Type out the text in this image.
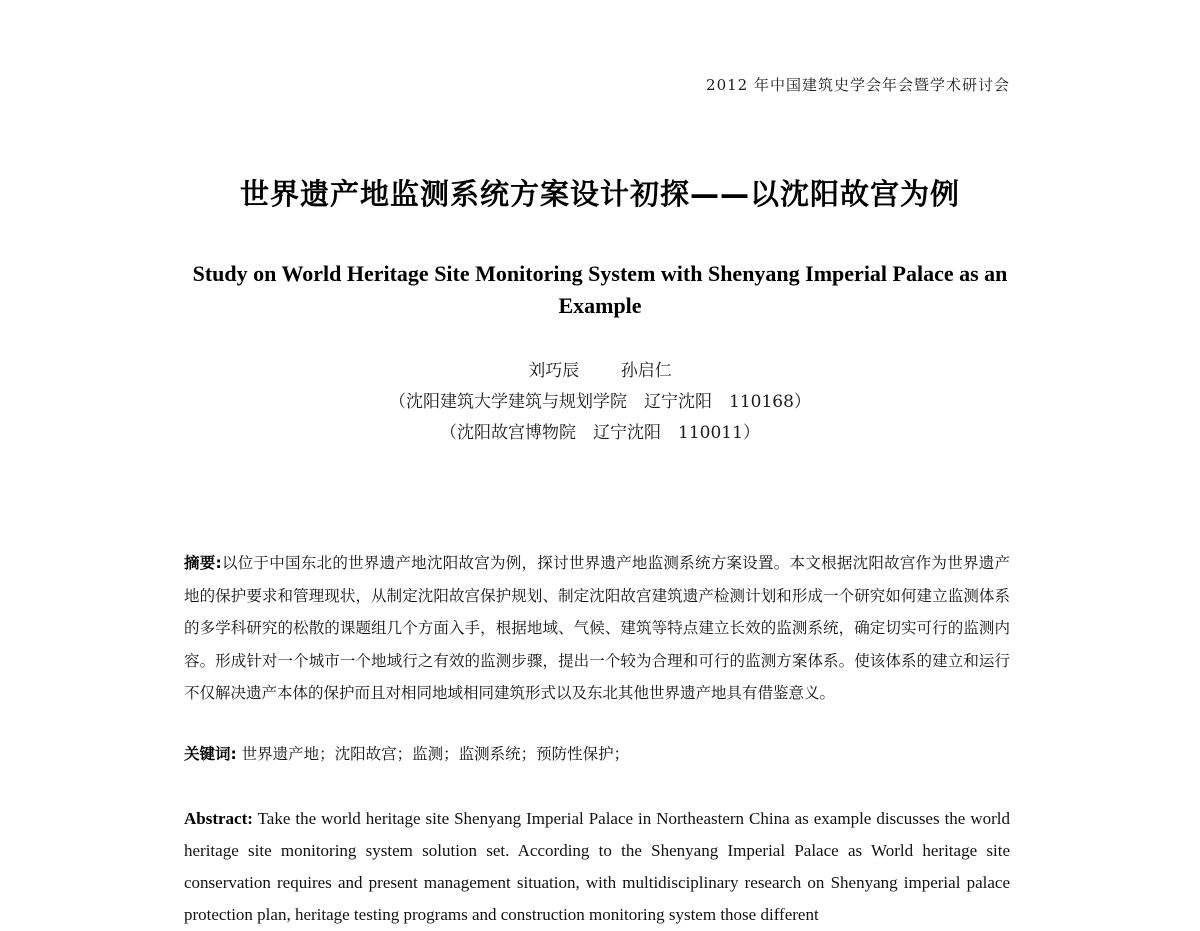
2012 年中国建筑史学会年会暨学术研讨会
世界遗产地监测系统方案设计初探——以沈阳故宫为例
Study on World Heritage Site Monitoring System with Shenyang Imperial Palace as an Example
刘巧辰 孙启仁
（沈阳建筑大学建筑与规划学院　辽宁沈阳　110168）
（沈阳故宫博物院　辽宁沈阳　110011）
摘要:以位于中国东北的世界遗产地沈阳故宫为例，探讨世界遗产地监测系统方案设置。本文根据沈阳故宫作为世界遗产地的保护要求和管理现状，从制定沈阳故宫保护规划、制定沈阳故宫建筑遗产检测计划和形成一个研究如何建立监测体系的多学科研究的松散的课题组几个方面入手，根据地域、气候、建筑等特点建立长效的监测系统，确定切实可行的监测内容。形成针对一个城市一个地域行之有效的监测步骤，提出一个较为合理和可行的监测方案体系。使该体系的建立和运行不仅解决遗产本体的保护而且对相同地域相同建筑形式以及东北其他世界遗产地具有借鉴意义。
关键词: 世界遗产地；沈阳故宫；监测；监测系统；预防性保护；
Abstract: Take the world heritage site Shenyang Imperial Palace in Northeastern China as example discusses the world heritage site monitoring system solution set. According to the Shenyang Imperial Palace as World heritage site conservation requires and present management situation, with multidisciplinary research on Shenyang imperial palace protection plan, heritage testing programs and construction monitoring system those different
